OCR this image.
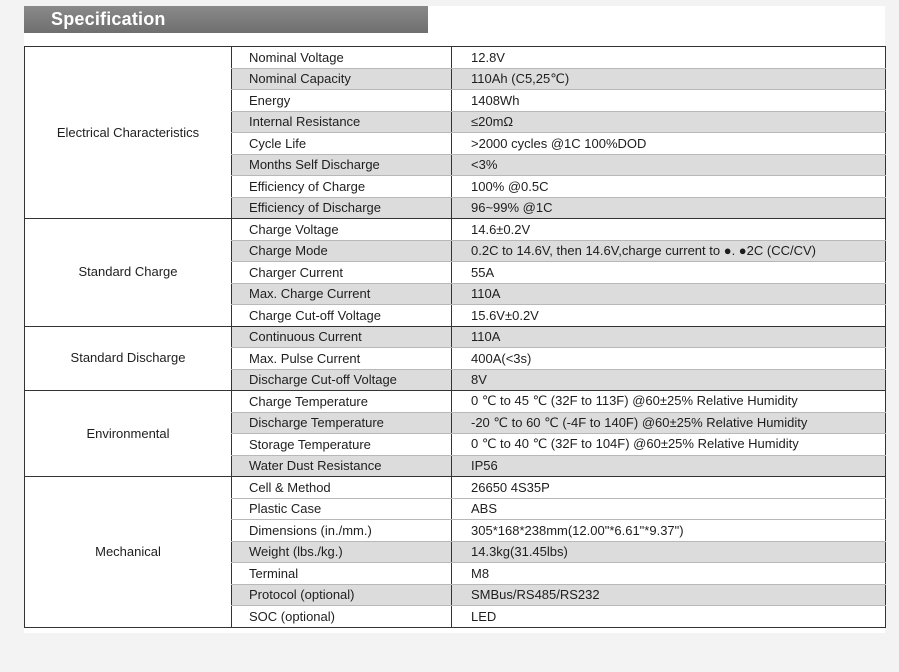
Specification
Electrical Characteristics	Nominal Voltage	12.8V
	Nominal Capacity	110Ah (C5,25℃)
	Energy	1408Wh
	Internal Resistance	≤20mΩ
	Cycle Life	>2000 cycles @1C 100%DOD
	Months Self Discharge	<3%
	Efficiency of Charge	100% @0.5C
	Efficiency of Discharge	96~99% @1C
Standard Charge	Charge Voltage	14.6±0.2V
	Charge Mode	0.2C to 14.6V, then 14.6V,charge current to ●. ●2C (CC/CV)
	Charger Current	55A
	Max. Charge Current	110A
	Charge Cut-off Voltage	15.6V±0.2V
Standard Discharge	Continuous Current	110A
	Max. Pulse Current	400A(<3s)
	Discharge Cut-off Voltage	8V
Environmental	Charge Temperature	0 ℃ to 45 ℃ (32F to 113F) @60±25% Relative Humidity
	Discharge Temperature	-20 ℃ to 60 ℃ (-4F to 140F) @60±25% Relative Humidity
	Storage Temperature	0 ℃ to 40 ℃ (32F to 104F) @60±25% Relative Humidity
	Water Dust Resistance	IP56
Mechanical	Cell & Method	26650 4S35P
	Plastic Case	ABS
	Dimensions (in./mm.)	305*168*238mm(12.00"*6.61"*9.37")
	Weight (lbs./kg.)	14.3kg(31.45lbs)
	Terminal	M8
	Protocol (optional)	SMBus/RS485/RS232
	SOC (optional)	LED
